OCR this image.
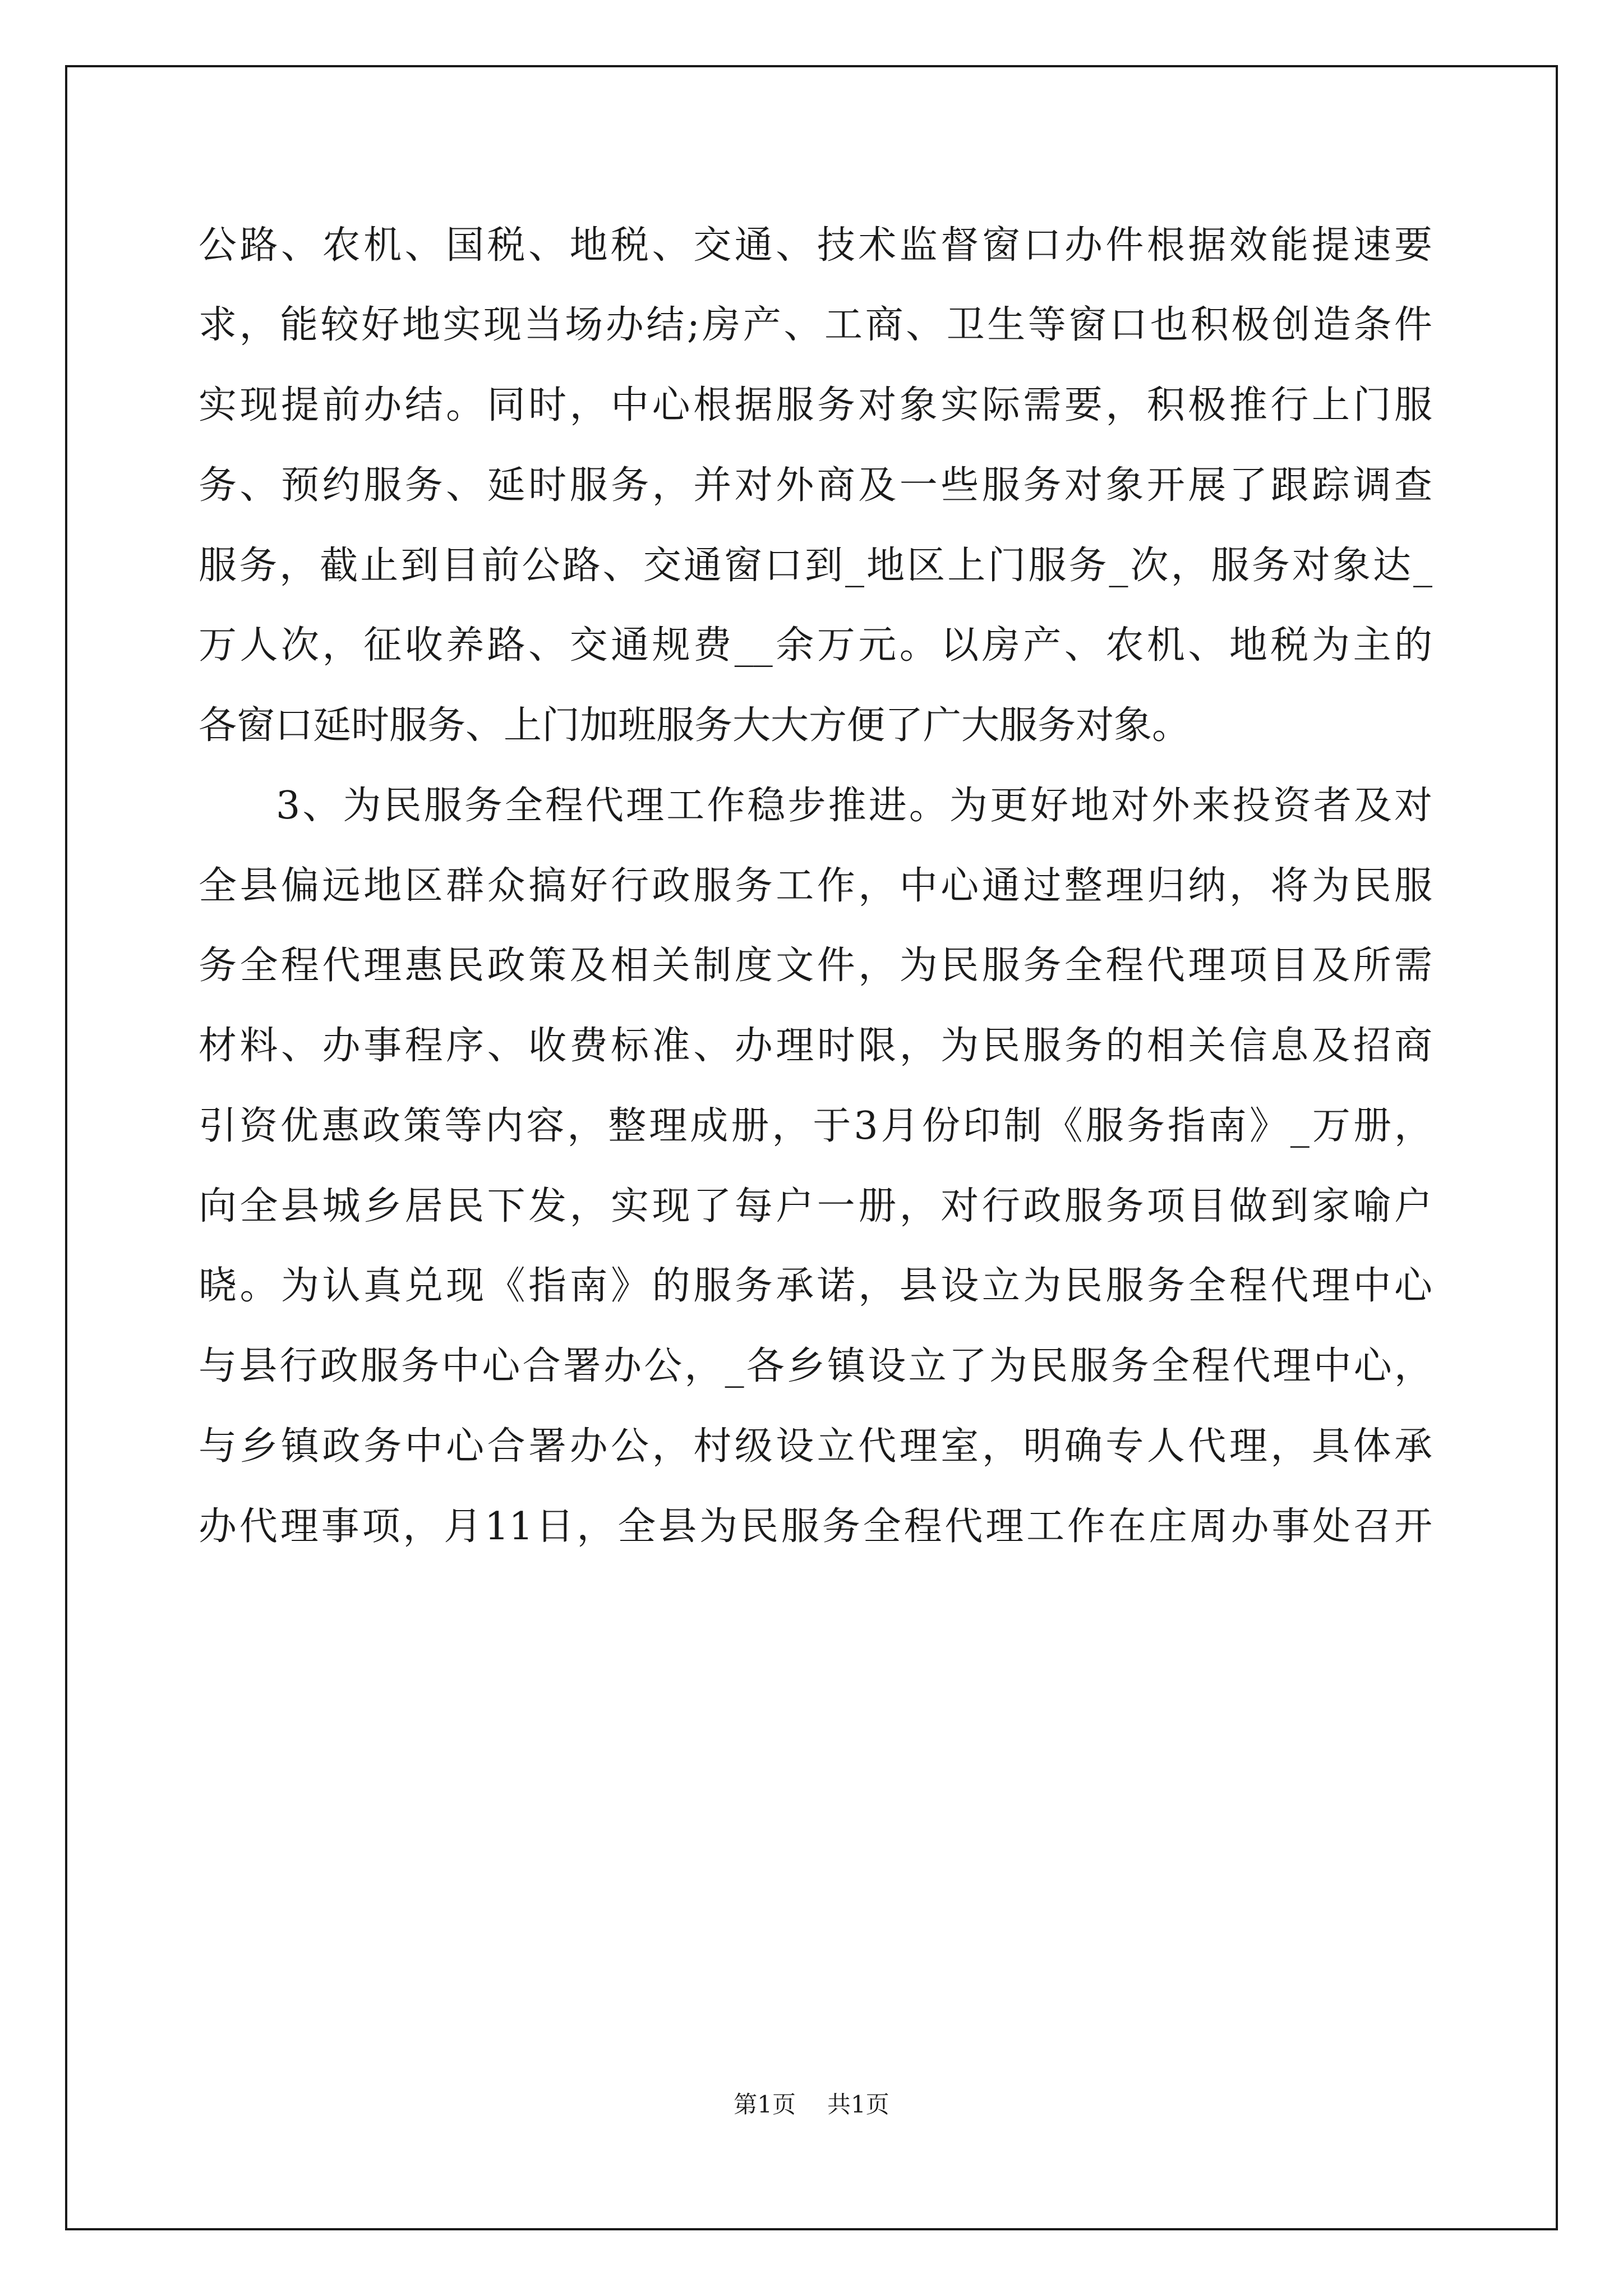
公路、农机、国税、地税、交通、技术监督窗口办件根据效能提速要
求，能较好地实现当场办结;房产、工商、卫生等窗口也积极创造条件
实现提前办结。同时，中心根据服务对象实际需要，积极推行上门服
务、预约服务、延时服务，并对外商及一些服务对象开展了跟踪调查
服务，截止到目前公路、交通窗口到_地区上门服务_次，服务对象达_
万人次，征收养路、交通规费__余万元。以房产、农机、地税为主的
各窗口延时服务、上门加班服务大大方便了广大服务对象。
3、为民服务全程代理工作稳步推进。为更好地对外来投资者及对
全县偏远地区群众搞好行政服务工作，中心通过整理归纳，将为民服
务全程代理惠民政策及相关制度文件，为民服务全程代理项目及所需
材料、办事程序、收费标准、办理时限，为民服务的相关信息及招商
引资优惠政策等内容，整理成册，于3月份印制《服务指南》_万册，
向全县城乡居民下发，实现了每户一册，对行政服务项目做到家喻户
晓。为认真兑现《指南》的服务承诺，县设立为民服务全程代理中心
与县行政服务中心合署办公，_各乡镇设立了为民服务全程代理中心，
与乡镇政务中心合署办公，村级设立代理室，明确专人代理，具体承
办代理事项，月11日，全县为民服务全程代理工作在庄周办事处召开
第1页 共1页
